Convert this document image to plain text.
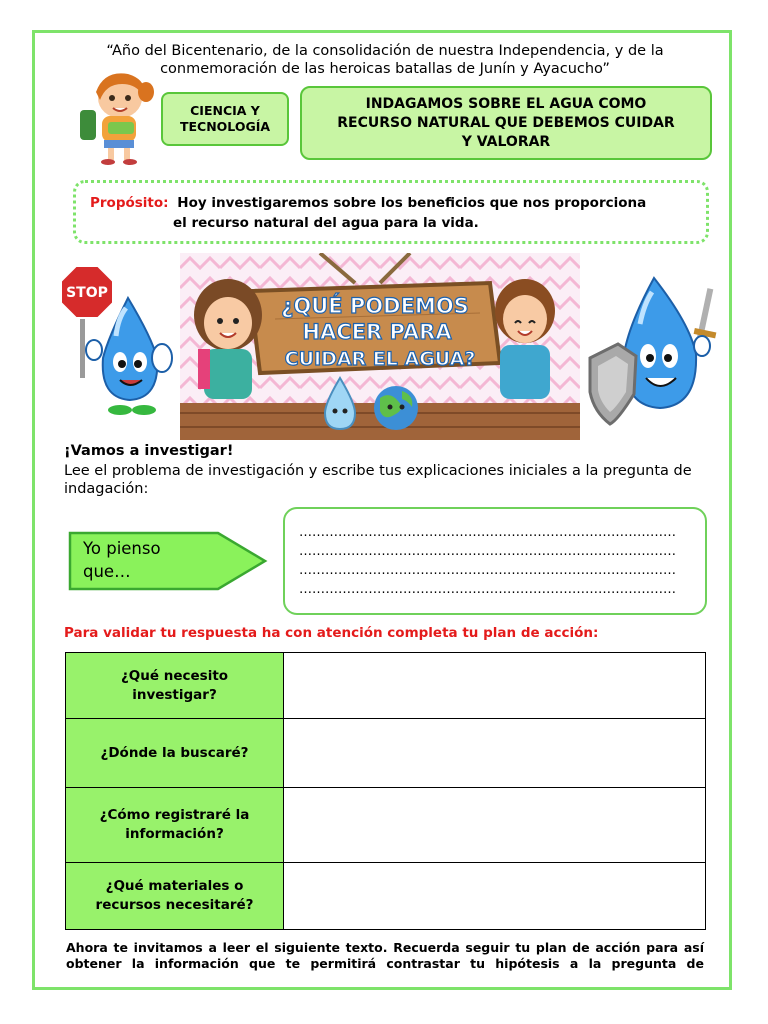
“Año del Bicentenario, de la consolidación de nuestra Independencia, y de la
conmemoración de las heroicas batallas de Junín y Ayacucho”
CIENCIA Y
TECNOLOGÍA
INDAGAMOS SOBRE EL AGUA COMO
RECURSO NATURAL QUE DEBEMOS CUIDAR
Y VALORAR
Propósito: Hoy investigaremos sobre los beneficios que nos proporciona
el recurso natural del agua para la vida.
STOP
¿QUÉ PODEMOS
HACER PARA
CUIDAR EL AGUA?
¡Vamos a investigar!
Lee el problema de investigación y escribe tus explicaciones iniciales a la pregunta de indagación:
Yo pienso
que…
……………………………………………………………………………
……………………………………………………………………………
……………………………………………………………………………
……………………………………………………………………………
Para validar tu respuesta ha con atención completa tu plan de acción:
¿Qué necesito investigar?	
¿Dónde la buscaré?	
¿Cómo registraré la información?	
¿Qué materiales o recursos necesitaré?	
Ahora te invitamos a leer el siguiente texto. Recuerda seguir tu plan de acción para así obtener la información que te permitirá contrastar tu hipótesis a la pregunta de
